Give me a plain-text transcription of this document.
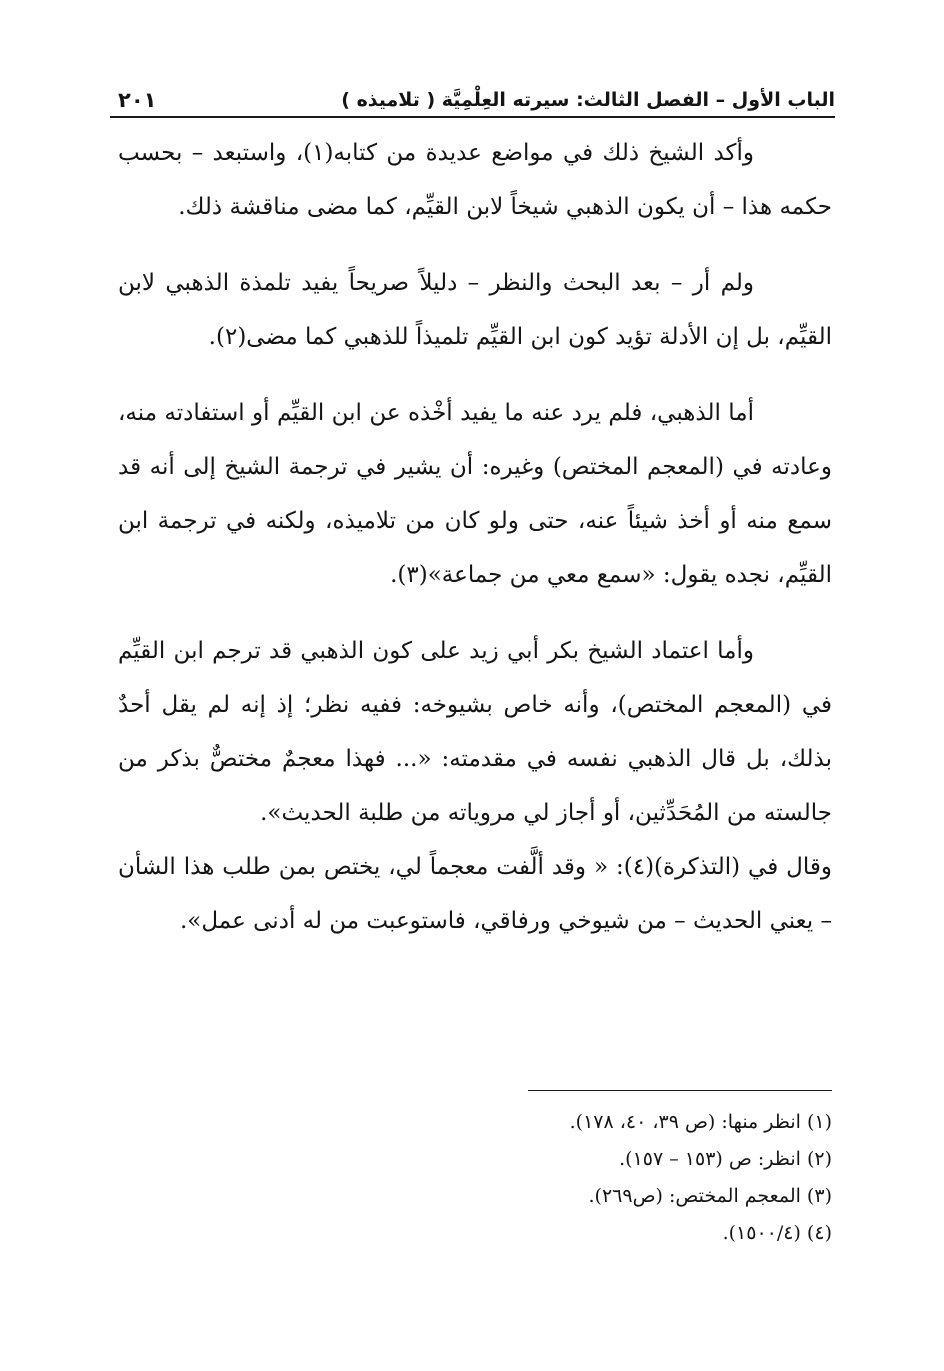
الباب الأول – الفصل الثالث: سيرته العِلْمِيَّة ( تلاميذه )
٢٠١

وأكد الشيخ ذلك في مواضع عديدة من كتابه(١)، واستبعد – بحسب حكمه هذا – أن يكون الذهبي شيخاً لابن القيِّم، كما مضى مناقشة ذلك.

ولم أر – بعد البحث والنظر – دليلاً صريحاً يفيد تلمذة الذهبي لابن القيِّم، بل إن الأدلة تؤيد كون ابن القيِّم تلميذاً للذهبي كما مضى(٢).

أما الذهبي، فلم يرد عنه ما يفيد أخْذه عن ابن القيِّم أو استفادته منه، وعادته في (المعجم المختص) وغيره: أن يشير في ترجمة الشيخ إلى أنه قد سمع منه أو أخذ شيئاً عنه، حتى ولو كان من تلاميذه، ولكنه في ترجمة ابن القيِّم، نجده يقول: «سمع معي من جماعة»(٣).

وأما اعتماد الشيخ بكر أبي زيد على كون الذهبي قد ترجم ابن القيِّم في (المعجم المختص)، وأنه خاص بشيوخه: ففيه نظر؛ إذ إنه لم يقل أحدٌ بذلك، بل قال الذهبي نفسه في مقدمته: «... فهذا معجمٌ مختصٌّ بذكر من جالسته من المُحَدِّثين، أو أجاز لي مروياته من طلبة الحديث».

وقال في (التذكرة)(٤): « وقد ألَّفت معجماً لي، يختص بمن طلب هذا الشأن – يعني الحديث – من شيوخي ورفاقي، فاستوعبت من له أدنى عمل».

(١) انظر منها: (ص ٣٩، ٤٠، ١٧٨).
(٢) انظر: ص (١٥٣ – ١٥٧).
(٣) المعجم المختص: (ص٢٦٩).
(٤) (١٥٠٠/٤).
